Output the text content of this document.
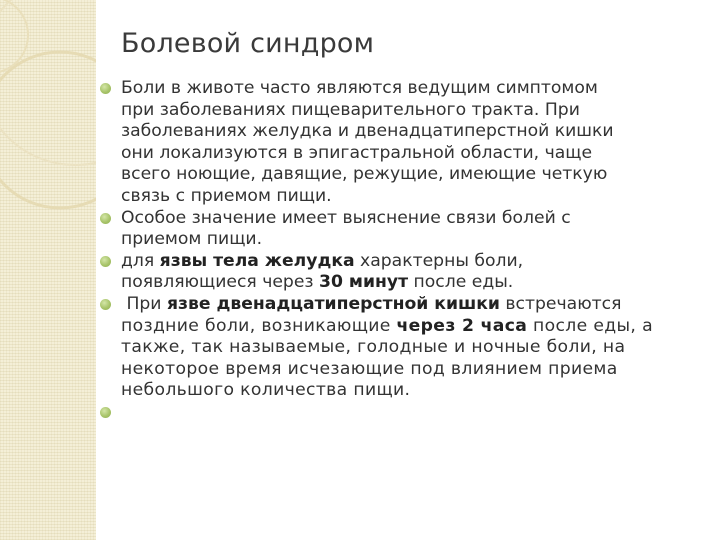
Болевой синдром
Боли в животе часто являются ведущим симптомом
при заболеваниях пищеварительного тракта. При
заболеваниях желудка и двенадцатиперстной кишки
они локализуются в эпигастральной области, чаще
всего ноющие, давящие, режущие, имеющие четкую
связь с приемом пищи.
Особое значение имеет выяснение связи болей с
приемом пищи.
для язвы тела желудка характерны боли,
появляющиеся через 30 минут после еды.
При язве двенадцатиперстной кишки встречаются
поздние боли, возникающие через 2 часа после еды, а
также, так называемые, голодные и ночные боли, на
некоторое время исчезающие под влиянием приема
небольшого количества пищи.
